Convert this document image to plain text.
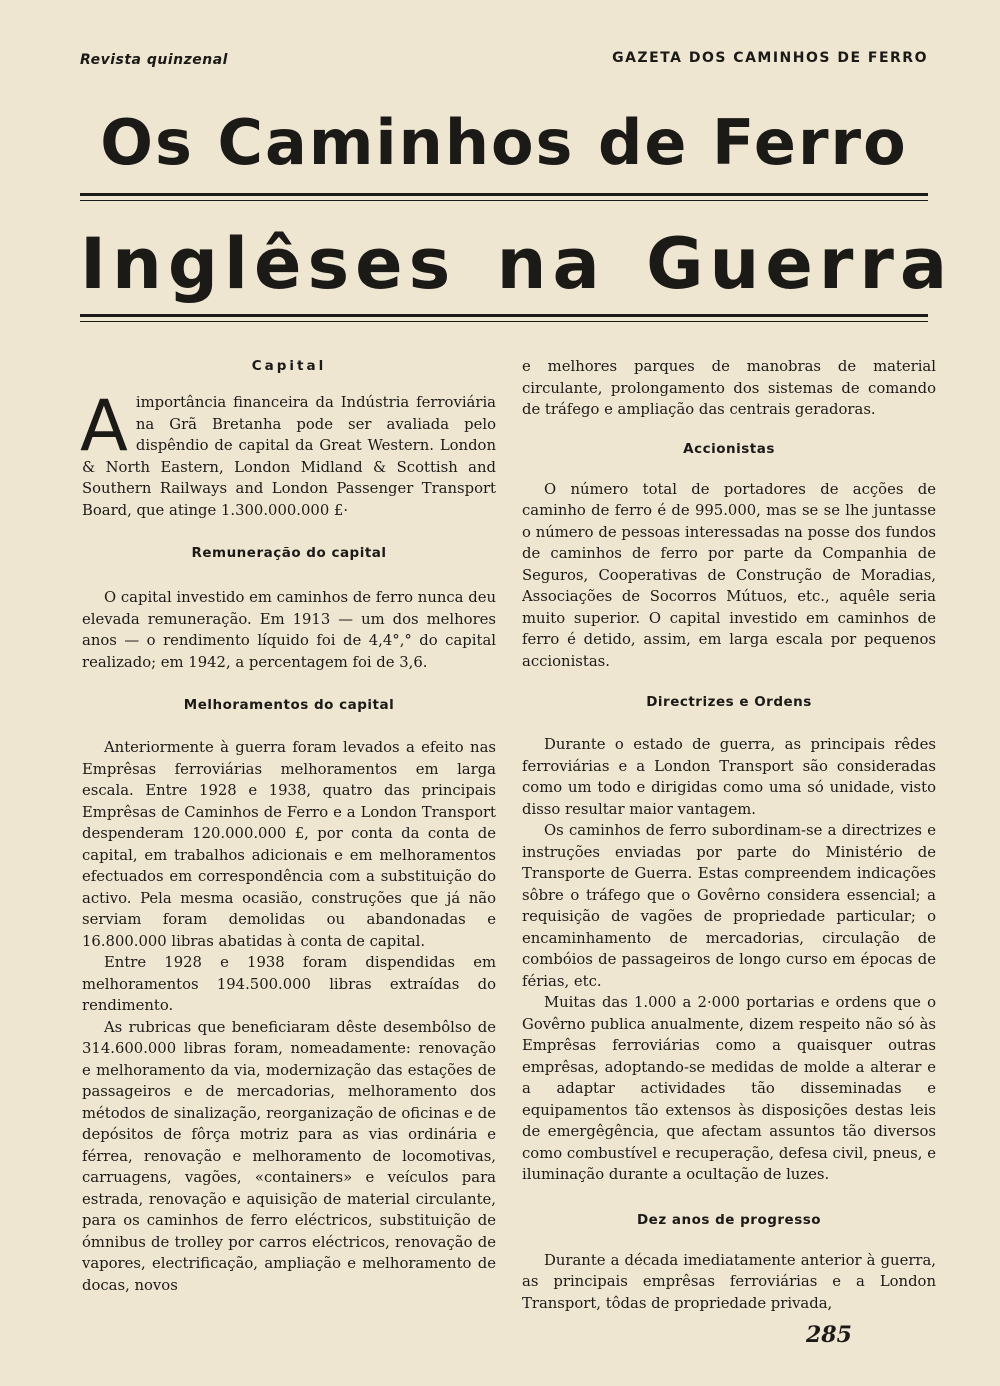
Revista quinzenal	GAZETA DOS CAMINHOS DE FERRO
Os Caminhos de Ferro
Inglêses na Guerra
Capital

Aimportância financeira da Indústria ferroviária na Grã Bretanha pode ser avaliada pelo dispêndio de capital da Great Western. London & North Eastern, London Midland & Scottish and Southern Railways and London Passenger Transport Board, que atinge 1.300.000.000 £·

Remuneração do capital

O capital investido em caminhos de ferro nunca deu elevada remuneração. Em 1913 — um dos melhores anos — o rendimento líquido foi de 4,4°,° do capital realizado; em 1942, a percentagem foi de 3,6.

Melhoramentos do capital

Anteriormente à guerra foram levados a efeito nas Emprêsas ferroviárias melhoramentos em larga escala. Entre 1928 e 1938, quatro das principais Emprêsas de Caminhos de Ferro e a London Transport despenderam 120.000.000 £, por conta da conta de capital, em trabalhos adicionais e em melhoramentos efectuados em correspondência com a substituição do activo. Pela mesma ocasião, construções que já não serviam foram demolidas ou abandonadas e 16.800.000 libras abatidas à conta de capital.

Entre 1928 e 1938 foram dispendidas em melhoramentos 194.500.000 libras extraídas do rendimento.

As rubricas que beneficiaram dêste desembôlso de 314.600.000 libras foram, nomeadamente: renovação e melhoramento da via, modernização das estações de passageiros e de mercadorias, melhoramento dos métodos de sinalização, reorganização de oficinas e de depósitos de fôrça motriz para as vias ordinária e férrea, renovação e melhoramento de locomotivas, carruagens, vagões, «containers» e veículos para estrada, renovação e aquisição de material circulante, para os caminhos de ferro eléctricos, substituição de ómnibus de trolley por carros eléctricos, renovação de vapores, electrificação, ampliação e melhoramento de docas, novos

e melhores parques de manobras de material circulante, prolongamento dos sistemas de comando de tráfego e ampliação das centrais geradoras.

Accionistas

O número total de portadores de acções de caminho de ferro é de 995.000, mas se se lhe juntasse o número de pessoas interessadas na posse dos fundos de caminhos de ferro por parte da Companhia de Seguros, Cooperativas de Construção de Moradias, Associações de Socorros Mútuos, etc., aquêle seria muito superior. O capital investido em caminhos de ferro é detido, assim, em larga escala por pequenos accionistas.

Directrizes e Ordens

Durante o estado de guerra, as principais rêdes ferroviárias e a London Transport são consideradas como um todo e dirigidas como uma só unidade, visto disso resultar maior vantagem.

Os caminhos de ferro subordinam-se a directrizes e instruções enviadas por parte do Ministério de Transporte de Guerra. Estas compreendem indicações sôbre o tráfego que o Govêrno considera essencial; a requisição de vagões de propriedade particular; o encaminhamento de mercadorias, circulação de combóios de passageiros de longo curso em épocas de férias, etc.

Muitas das 1.000 a 2·000 portarias e ordens que o Govêrno publica anualmente, dizem respeito não só às Emprêsas ferroviárias como a quaisquer outras emprêsas, adoptando-se medidas de molde a alterar e a adaptar actividades tão disseminadas e equipamentos tão extensos às disposições destas leis de emergêgência, que afectam assuntos tão diversos como combustível e recuperação, defesa civil, pneus, e iluminação durante a ocultação de luzes.

Dez anos de progresso

Durante a década imediatamente anterior à guerra, as principais emprêsas ferroviárias e a London Transport, tôdas de propriedade privada,

285
